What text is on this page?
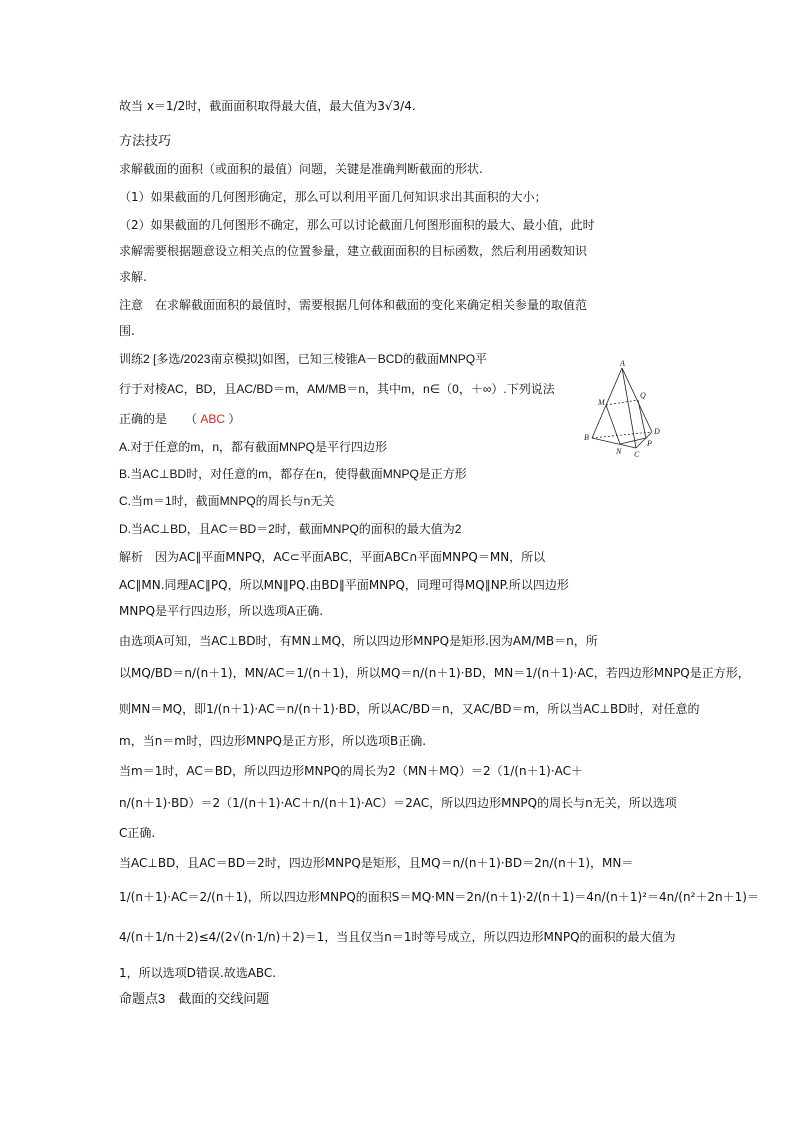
故当 x＝1/2时，截面面积取得最大值，最大值为3√3/4.
方法技巧
求解截面的面积（或面积的最值）问题，关键是准确判断截面的形状.
（1）如果截面的几何图形确定，那么可以利用平面几何知识求出其面积的大小；
（2）如果截面的几何图形不确定，那么可以讨论截面几何图形面积的最大、最小值，此时
求解需要根据题意设立相关点的位置参量，建立截面面积的目标函数，然后利用函数知识
求解.
注意　在求解截面面积的最值时，需要根据几何体和截面的变化来确定相关参量的取值范
围.
训练2 [多选/2023南京模拟]如图，已知三棱锥A－BCD的截面MNPQ平
行于对棱AC，BD，且AC/BD＝m，AM/MB＝n，其中m，n∈（0，＋∞）.下列说法
正确的是　　（ ABC ）
A.对于任意的m，n，都有截面MNPQ是平行四边形
B.当AC⊥BD时，对任意的m，都存在n，使得截面MNPQ是正方形
C.当m＝1时，截面MNPQ的周长与n无关
D.当AC⊥BD，且AC＝BD＝2时，截面MNPQ的面积的最大值为2
解析　因为AC∥平面MNPQ，AC⊂平面ABC，平面ABC∩平面MNPQ＝MN，所以
AC∥MN.同理AC∥PQ，所以MN∥PQ.由BD∥平面MNPQ，同理可得MQ∥NP.所以四边形
MNPQ是平行四边形，所以选项A正确.
由选项A可知，当AC⊥BD时，有MN⊥MQ，所以四边形MNPQ是矩形.因为AM/MB＝n，所
以MQ/BD＝n/(n＋1)，MN/AC＝1/(n＋1)，所以MQ＝n/(n＋1)·BD，MN＝1/(n＋1)·AC，若四边形MNPQ是正方形，
则MN＝MQ，即1/(n＋1)·AC＝n/(n＋1)·BD，所以AC/BD＝n，又AC/BD＝m，所以当AC⊥BD时，对任意的
m，当n＝m时，四边形MNPQ是正方形，所以选项B正确.
当m＝1时，AC＝BD，所以四边形MNPQ的周长为2（MN＋MQ）＝2（1/(n＋1)·AC＋
n/(n＋1)·BD）＝2（1/(n＋1)·AC＋n/(n＋1)·AC）＝2AC，所以四边形MNPQ的周长与n无关，所以选项
C正确.
当AC⊥BD，且AC＝BD＝2时，四边形MNPQ是矩形，且MQ＝n/(n＋1)·BD＝2n/(n＋1)，MN＝
1/(n＋1)·AC＝2/(n＋1)，所以四边形MNPQ的面积S＝MQ·MN＝2n/(n＋1)·2/(n＋1)＝4n/(n＋1)²＝4n/(n²＋2n＋1)＝
4/(n＋1/n＋2)≤4/(2√(n·1/n)＋2)＝1，当且仅当n＝1时等号成立，所以四边形MNPQ的面积的最大值为
1，所以选项D错误.故选ABC.
命题点3　截面的交线问题
A
B
C
D
M
N
P
Q
